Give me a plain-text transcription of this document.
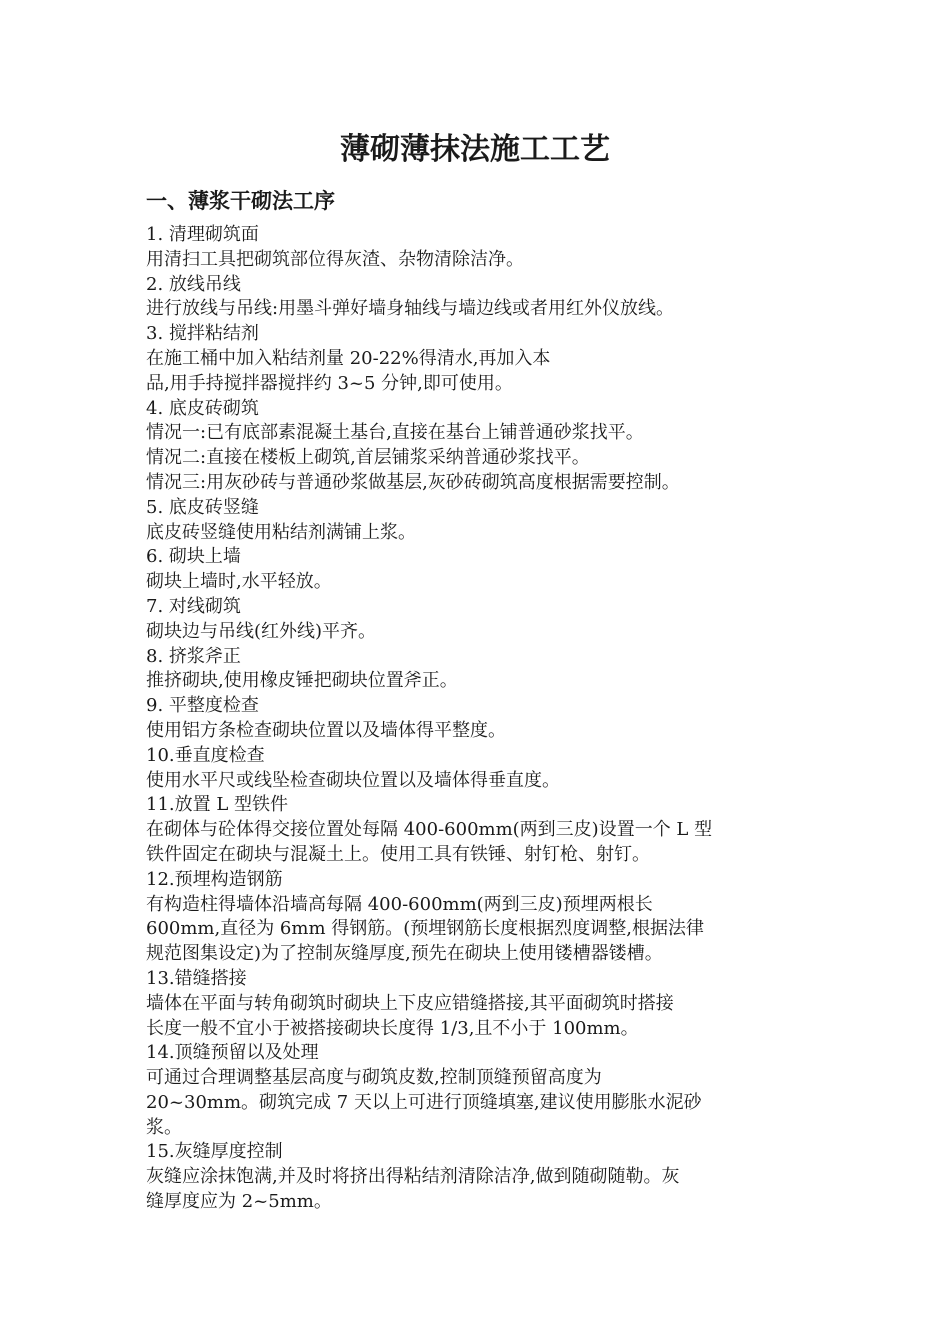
薄砌薄抹法施工工艺
一、薄浆干砌法工序

1. 清理砌筑面

用清扫工具把砌筑部位得灰渣、杂物清除洁净。

2. 放线吊线

进行放线与吊线:用墨斗弹好墙身轴线与墙边线或者用红外仪放线。

3. 搅拌粘结剂

在施工桶中加入粘结剂量 20-22%得清水,再加入本

品,用手持搅拌器搅拌约 3~5 分钟,即可使用。

4. 底皮砖砌筑

情况一:已有底部素混凝土基台,直接在基台上铺普通砂浆找平。

情况二:直接在楼板上砌筑,首层铺浆采纳普通砂浆找平。

情况三:用灰砂砖与普通砂浆做基层,灰砂砖砌筑高度根据需要控制。

5. 底皮砖竖缝

底皮砖竖缝使用粘结剂满铺上浆。

6. 砌块上墙

砌块上墙时,水平轻放。

7. 对线砌筑

砌块边与吊线(红外线)平齐。

8. 挤浆斧正

推挤砌块,使用橡皮锤把砌块位置斧正。

9. 平整度检查

使用铝方条检查砌块位置以及墙体得平整度。

10.垂直度检查

使用水平尺或线坠检查砌块位置以及墙体得垂直度。

11.放置 L 型铁件

在砌体与砼体得交接位置处每隔 400-600mm(两到三皮)设置一个 L 型

铁件固定在砌块与混凝土上。使用工具有铁锤、射钉枪、射钉。

12.预埋构造钢筋

有构造柱得墙体沿墙高每隔 400-600mm(两到三皮)预埋两根长

600mm,直径为 6mm 得钢筋。(预埋钢筋长度根据烈度调整,根据法律

规范图集设定)为了控制灰缝厚度,预先在砌块上使用镂槽器镂槽。

13.错缝搭接

墙体在平面与转角砌筑时砌块上下皮应错缝搭接,其平面砌筑时搭接

长度一般不宜小于被搭接砌块长度得 1/3,且不小于 100mm。

14.顶缝预留以及处理

可通过合理调整基层高度与砌筑皮数,控制顶缝预留高度为

20~30mm。砌筑完成 7 天以上可进行顶缝填塞,建议使用膨胀水泥砂

浆。

15.灰缝厚度控制

灰缝应涂抹饱满,并及时将挤出得粘结剂清除洁净,做到随砌随勒。灰

缝厚度应为 2~5mm。
